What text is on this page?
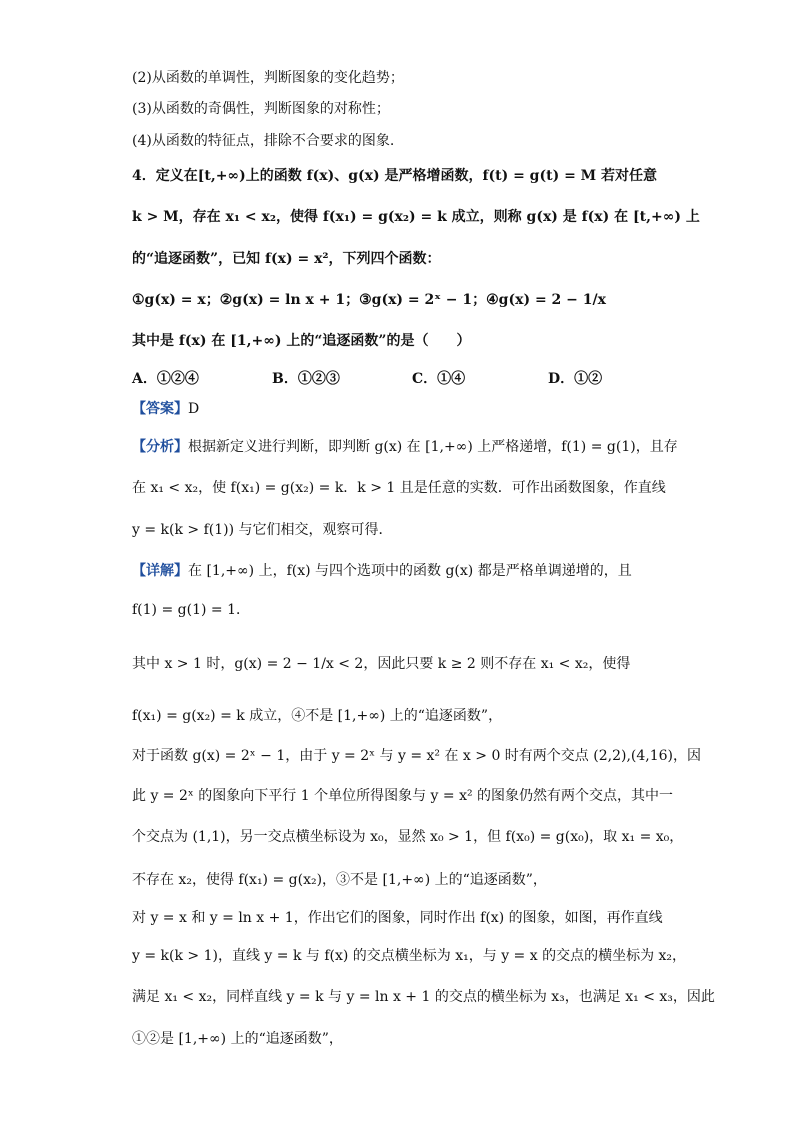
(2)从函数的单调性，判断图象的变化趋势；
(3)从函数的奇偶性，判断图象的对称性；
(4)从函数的特征点，排除不合要求的图象.
4．定义在[t,+∞)上的函数 f(x)、g(x) 是严格增函数，f(t) = g(t) = M 若对任意
k > M，存在 x₁ < x₂，使得 f(x₁) = g(x₂) = k 成立，则称 g(x) 是 f(x) 在 [t,+∞) 上
的“追逐函数”，已知 f(x) = x²，下列四个函数：
①g(x) = x；②g(x) = ln x + 1；③g(x) = 2ˣ − 1；④g(x) = 2 − 1/x
其中是 f(x) 在 [1,+∞) 上的“追逐函数”的是（　　）
A．①②④	B．①②③	C．①④	D．①②
【答案】D
【分析】根据新定义进行判断，即判断 g(x) 在 [1,+∞) 上严格递增，f(1) = g(1)，且存
在 x₁ < x₂，使 f(x₁) = g(x₂) = k．k > 1 且是任意的实数．可作出函数图象，作直线
y = k(k > f(1)) 与它们相交，观察可得．
【详解】在 [1,+∞) 上，f(x) 与四个选项中的函数 g(x) 都是严格单调递增的，且
f(1) = g(1) = 1．
其中 x > 1 时，g(x) = 2 − 1/x < 2，因此只要 k ≥ 2 则不存在 x₁ < x₂，使得
f(x₁) = g(x₂) = k 成立，④不是 [1,+∞) 上的“追逐函数”，
对于函数 g(x) = 2ˣ − 1，由于 y = 2ˣ 与 y = x² 在 x > 0 时有两个交点 (2,2),(4,16)，因
此 y = 2ˣ 的图象向下平行 1 个单位所得图象与 y = x² 的图象仍然有两个交点，其中一
个交点为 (1,1)，另一交点横坐标设为 x₀，显然 x₀ > 1，但 f(x₀) = g(x₀)，取 x₁ = x₀，
不存在 x₂，使得 f(x₁) = g(x₂)，③不是 [1,+∞) 上的“追逐函数”，
对 y = x 和 y = ln x + 1，作出它们的图象，同时作出 f(x) 的图象，如图，再作直线
y = k(k > 1)，直线 y = k 与 f(x) 的交点横坐标为 x₁，与 y = x 的交点的横坐标为 x₂，
满足 x₁ < x₂，同样直线 y = k 与 y = ln x + 1 的交点的横坐标为 x₃，也满足 x₁ < x₃，因此
①②是 [1,+∞) 上的“追逐函数”，
